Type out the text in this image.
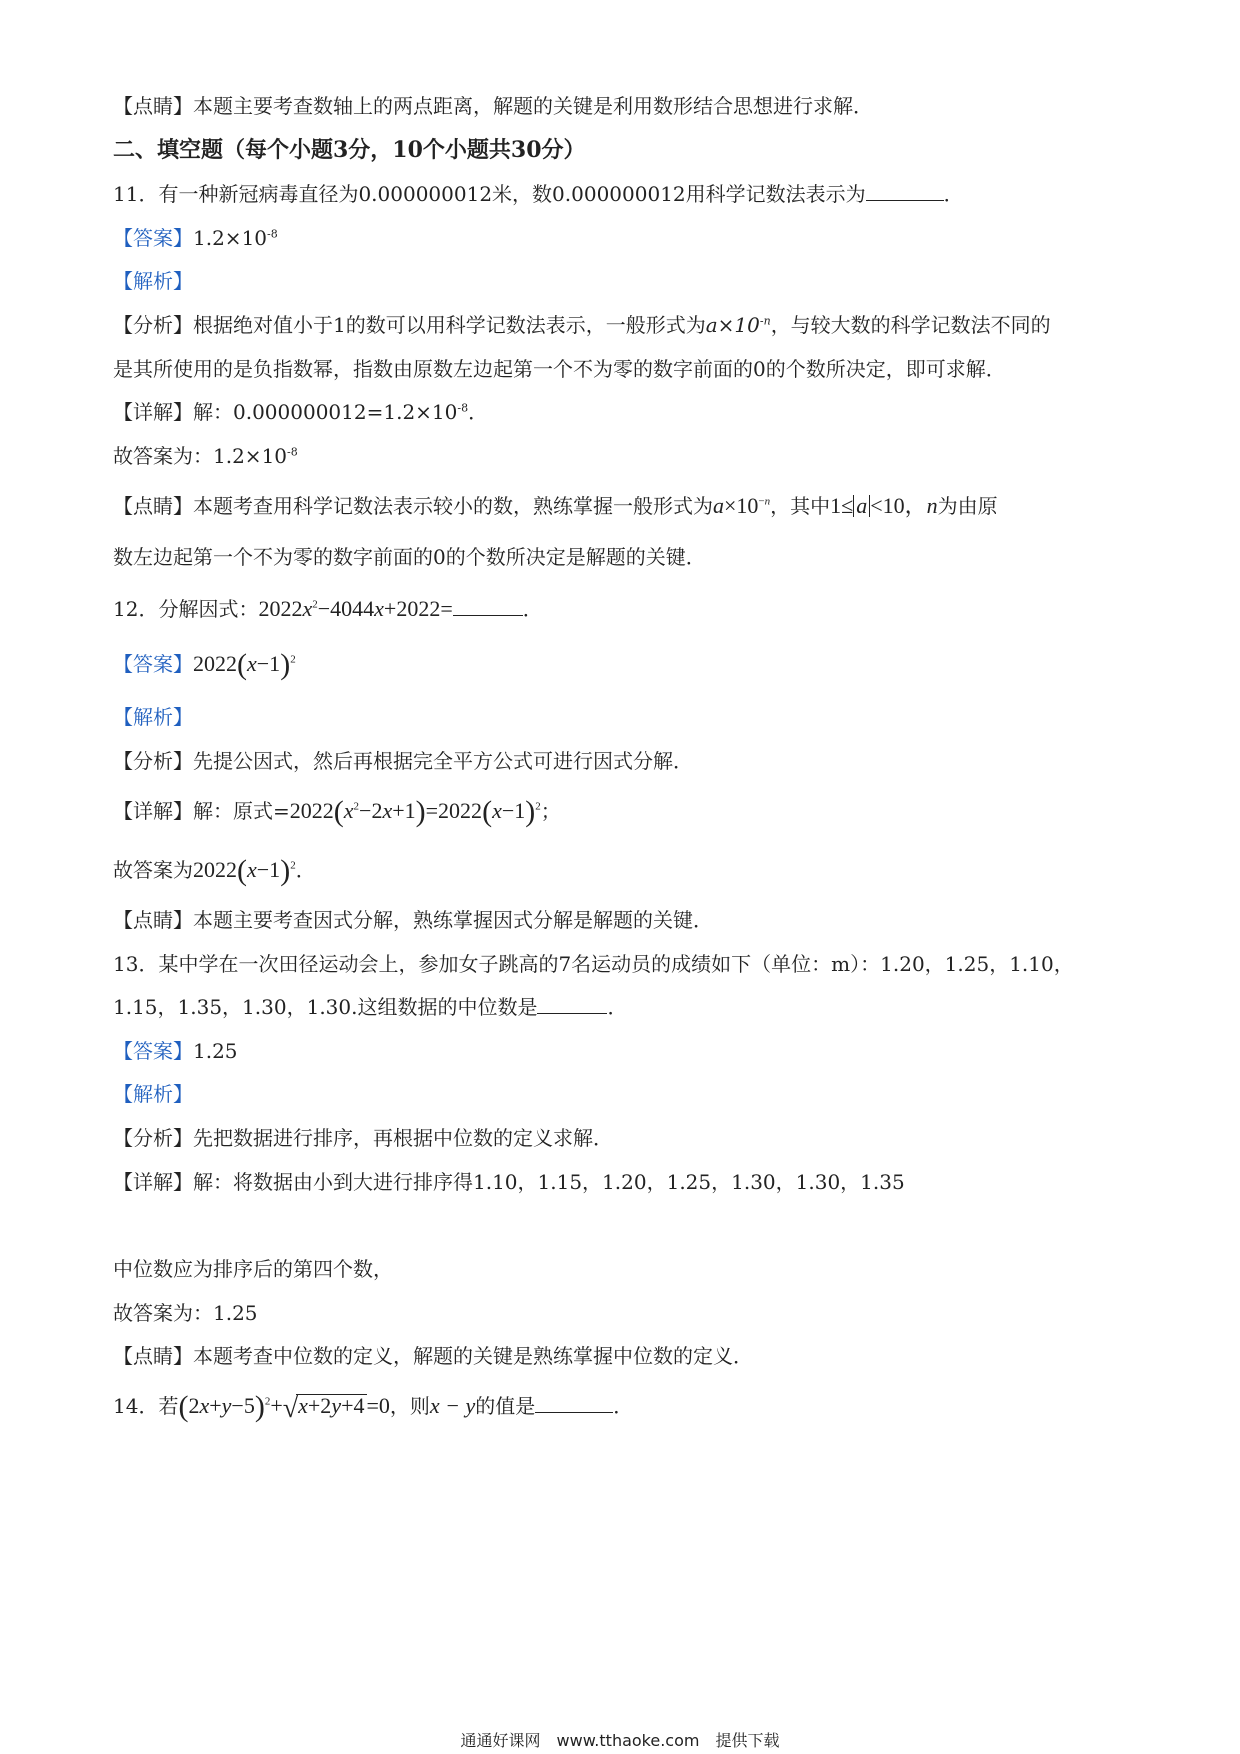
【点睛】本题主要考查数轴上的两点距离，解题的关键是利用数形结合思想进行求解．
二、填空题（每个小题3分，10个小题共30分）
11．有一种新冠病毒直径为0.000000012米，数0.000000012用科学记数法表示为	．
【答案】$1.2\times 10^{-8}$
【解析】
【分析】根据绝对值小于1的数可以用科学记数法表示，一般形式为$a\times 10^{-n}$，与较大数的科学记数法不同的
是其所使用的是负指数幂，指数由原数左边起第一个不为零的数字前面的0的个数所决定，即可求解．
【详解】解：$0.000000012=1.2\times 10^{-8}$．
故答案为：$1.2\times 10^{-8}$
【点睛】本题考查用科学记数法表示较小的数，熟练掌握一般形式为$a\times 10^{-n}$，其中1≤ a <10，n为由原
数左边起第一个不为零的数字前面的0的个数所决定是解题的关键．
12．分解因式：$2022x^2-4044x+2022=$	．
【答案】$2022(x-1)^2$
【解析】
【分析】先提公因式，然后再根据完全平方公式可进行因式分解．
【详解】解：原式$=2022(x^2-2x+1)=2022(x-1)^2$；
故答案为$2022(x-1)^2$．
【点睛】本题主要考查因式分解，熟练掌握因式分解是解题的关键．
13．某中学在一次田径运动会上，参加女子跳高的7名运动员的成绩如下（单位：m）：1.20，1.25，1.10，
1.15，1.35，1.30，1.30.这组数据的中位数是	．
【答案】1.25
【解析】
【分析】先把数据进行排序，再根据中位数的定义求解．
【详解】解：将数据由小到大进行排序得1.10，1.15，1.20，1.25，1.30，1.30，1.35
中位数应为排序后的第四个数，
故答案为：1.25
【点睛】本题考查中位数的定义，解题的关键是熟练掌握中位数的定义．
14．若$(2x+y-5)^2+√x+2y+4=0$，则x − y的值是	．
通通好课网　www.tthaoke.com　提供下载
